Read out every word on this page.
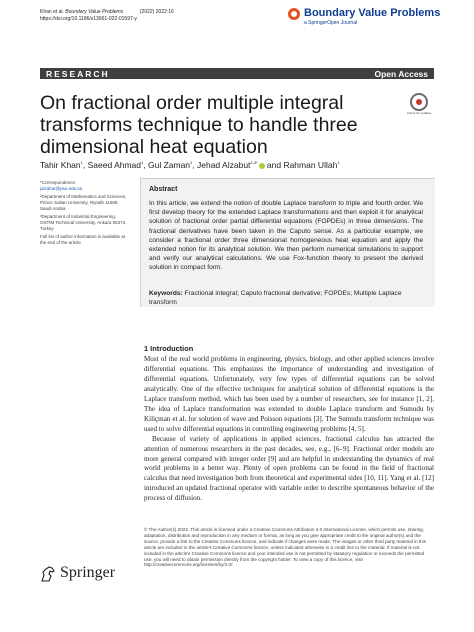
Khan et al. Boundary Value Problems	(2022) 2022:16
https://doi.org/10.1186/s13661-022-01597-y	Boundary Value Problems
a SpringerOpen Journal
RESEARCH	Open Access
On fractional order multiple integral transforms technique to handle three dimensional heat equation
Check for updates
Tahir Khan$^1$, Saeed Ahmad$^1$, Gul Zaman$^1$, Jehad Alzabut$^{2,3*}$ and Rahman Ullah$^1$

*Correspondence:
jalzabut@psu.edu.sa

²Department of Mathematics and Sciences, Prince Sultan University, Riyadh 11586, Saudi Arabia

³Department of Industrial Engineering, OSTİM Technical University, Ankara 06374, Turkey

Full list of author information is available at the end of the article

Abstract
In this article, we extend the notion of double Laplace transform to triple and fourth order. We first develop theory for the extended Laplace transformations and then exploit it for analytical solution of fractional order partial differential equations (FOPDEs) in three dimensions. The fractional derivatives have been taken in the Caputo sense. As a particular example, we consider a fractional order three dimensional homogeneous heat equation and apply the extended notion for its analytical solution. We then perform numerical simulations to support and verify our analytical calculations. We use Fox-function theory to present the derived solution in compact form.
Keywords: Fractional integral; Caputo fractional derivative; FOPDEs; Multiple Laplace transform
1 Introduction

Most of the real world problems in engineering, physics, biology, and other applied sciences involve differential equations. This emphasizes the importance of understanding and investigation of differential equations. Unfortunately, very few types of differential equations can be solved analytically. One of the effective techniques for analytical solution of differential equations is the Laplace transform method, which has been used by a number of researchers, see for instance [1, 2]. The idea of Laplace transformation was extended to double Laplace transform and Sumudu by Kiliçman et al. for solution of wave and Poisson equations [3]. The Sumudu transform technique was used to solve differential equations in controlling engineering problems [4, 5].

Because of variety of applications in applied sciences, fractional calculus has attracted the attention of numerous researchers in the past decades, see, e.g., [6–9]. Fractional order models are more general compared with integer order [9] and are helpful in understanding the dynamics of real world problems in a better way. Plenty of open problems can be found in the field of fractional calculus that need investigation both from theoretical and experimental sides [10, 11]. Yang et al. [12] introduced an updated fractional operator with variable order to describe spontaneous behavior of the process of diffusion.

© The Author(s) 2022. This article is licensed under a Creative Commons Attribution 4.0 International License, which permits use, sharing, adaptation, distribution and reproduction in any medium or format, as long as you give appropriate credit to the original author(s) and the source, provide a link to the Creative Commons licence, and indicate if changes were made. The images or other third party material in this article are included in the article's Creative Commons licence, unless indicated otherwise in a credit line to the material. If material is not included in the article's Creative Commons licence and your intended use is not permitted by statutory regulation or exceeds the permitted use, you will need to obtain permission directly from the copyright holder. To view a copy of this licence, visit http://creativecommons.org/licenses/by/4.0/.
Springer
